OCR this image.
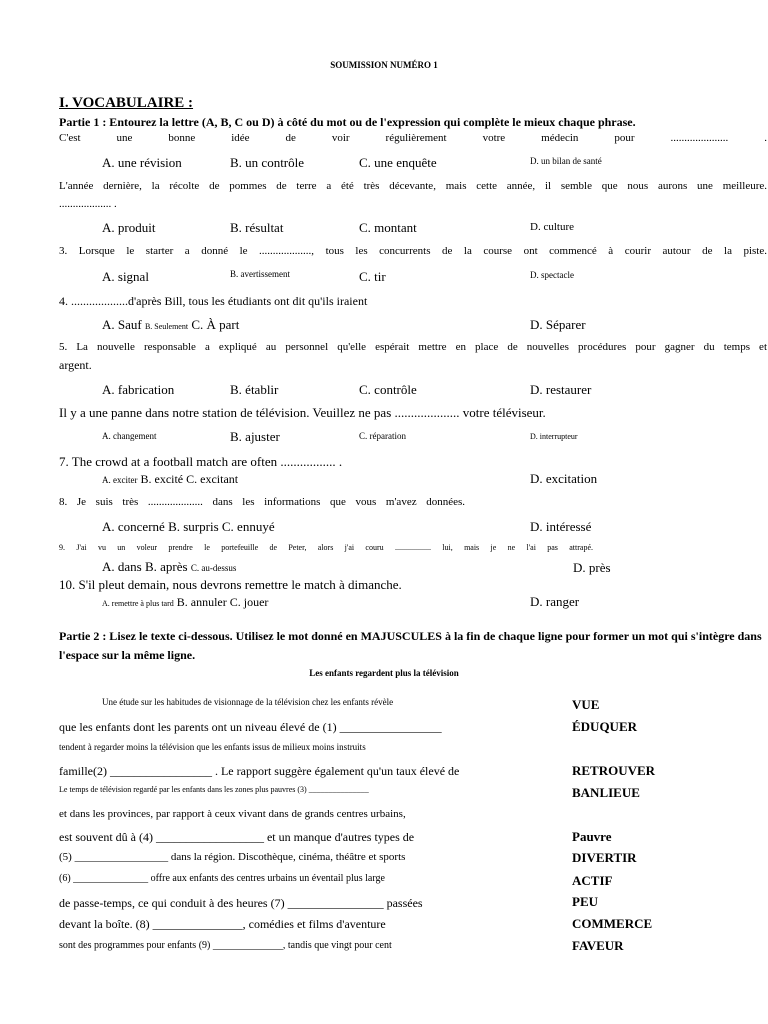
SOUMISSION NUMÉRO 1
I. VOCABULAIRE :
Partie 1 : Entourez la lettre (A, B, C ou D) à côté du mot ou de l'expression qui complète le mieux chaque phrase.
C'est une bonne idée de voir régulièrement votre médecin pour ..................... .
A. une révision	B. un contrôle	C. une enquête	D. un bilan de santé
L'année dernière, la récolte de pommes de terre a été très décevante, mais cette année, il semble que nous aurons une meilleure.
................... .
A. produit	B. résultat	C. montant	D. culture
3. Lorsque le starter a donné le ..................., tous les concurrents de la course ont commencé à courir autour de la piste.
A. signal	B. avertissement	C. tir	D. spectacle
4. ...................d'après Bill, tous les étudiants ont dit qu'ils iraient
A. Sauf B. Seulement C. À part	D. Séparer
5. La nouvelle responsable a expliqué au personnel qu'elle espérait mettre en place de nouvelles procédures pour gagner du temps et
argent.
A. fabrication	B. établir	C. contrôle	D. restaurer
Il y a une panne dans notre station de télévision. Veuillez ne pas .................... votre téléviseur.
A. changement	B. ajuster	C. réparation	D. interrupteur
7. The crowd at a football match are often ................. .
A. exciter B. excité C. excitant	D. excitation
8. Je suis très .................... dans les informations que vous m'avez données.
A. concerné B. surpris C. ennuyé	D. intéressé
9. J'ai vu un voleur prendre le portefeuille de Peter, alors j'ai couru .................. lui, mais je ne l'ai pas attrapé.
A. dans B. après C. au-dessus	D. près
10. S'il pleut demain, nous devrons remettre le match à dimanche.
A. remettre à plus tard B. annuler C. jouer	D. ranger
Partie 2 : Lisez le texte ci-dessous. Utilisez le mot donné en MAJUSCULES à la fin de chaque ligne pour former un mot qui s'intègre dans l'espace sur la même ligne.
Les enfants regardent plus la télévision
Une étude sur les habitudes de visionnage de la télévision chez les enfants révèle
que les enfants dont les parents ont un niveau élevé de (1) _________________
tendent à regarder moins la télévision que les enfants issus de milieux moins instruits
famille(2) _________________ . Le rapport suggère également qu'un taux élevé de
Le temps de télévision regardé par les enfants dans les zones plus pauvres (3) _______________
et dans les provinces, par rapport à ceux vivant dans de grands centres urbains,
est souvent dû à (4) __________________ et un manque d'autres types de
(5) _________________ dans la région. Discothèque, cinéma, théâtre et sports
(6) _______________ offre aux enfants des centres urbains un éventail plus large
de passe-temps, ce qui conduit à des heures (7) ________________ passées
devant la boîte. (8) _______________, comédies et films d'aventure
sont des programmes pour enfants (9) ______________, tandis que vingt pour cent
VUE
ÉDUQUER
RETROUVER
BANLIEUE
Pauvre
DIVERTIR
ACTIF
PEU
COMMERCE
FAVEUR
